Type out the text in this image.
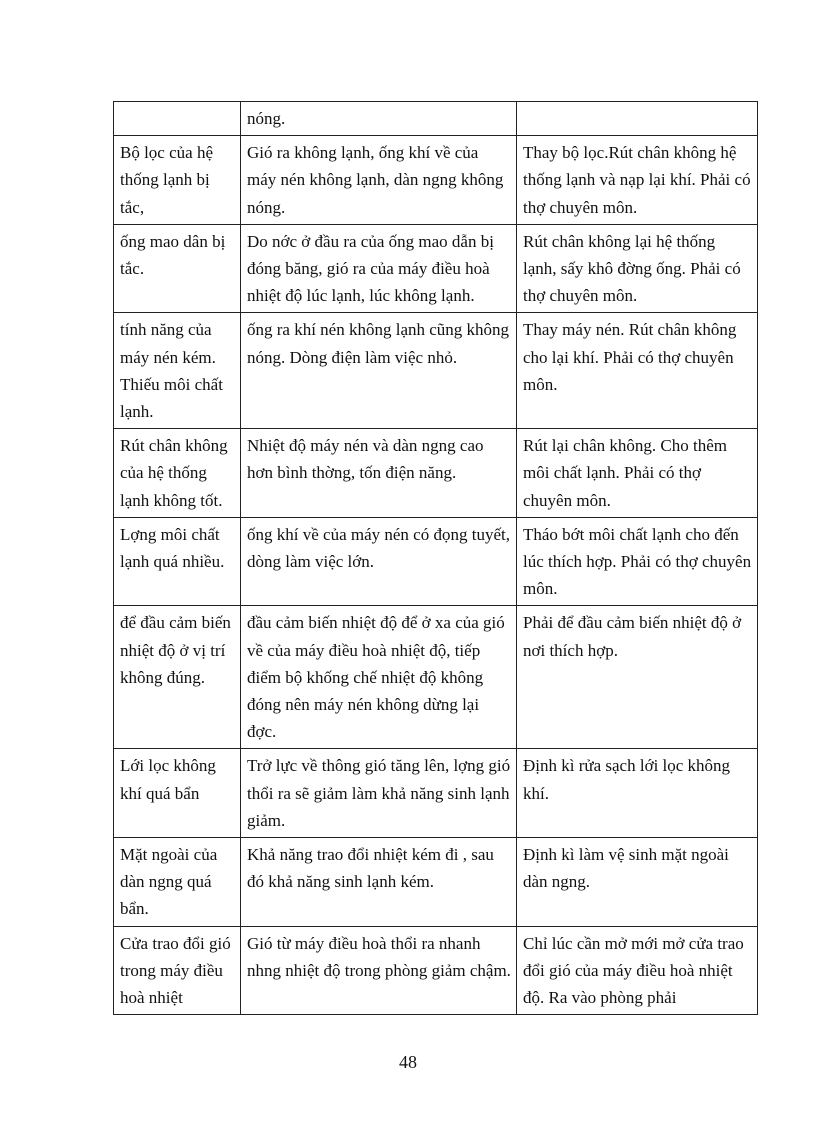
	nóng.	
Bộ lọc của hệ thống lạnh bị tắc,	Gió ra không lạnh, ống khí về của máy nén không lạnh, dàn ngng không nóng.	Thay bộ lọc.Rút chân không hệ thống lạnh và nạp lại khí. Phải có thợ chuyên môn.
ống mao dân bị tắc.	Do nớc ở đầu ra của ống mao dẫn bị đóng băng, gió ra của máy điều hoà nhiệt độ lúc lạnh, lúc không lạnh.	Rút chân không lại hệ thống lạnh, sấy khô đờng ống. Phải có thợ chuyên môn.
tính năng của máy nén kém. Thiếu môi chất lạnh.	ống ra khí nén không lạnh cũng không nóng. Dòng điện làm việc nhỏ.	Thay máy nén. Rút chân không cho lại khí. Phải có thợ chuyên môn.
Rút chân không của hệ thống lạnh không tốt.	Nhiệt độ máy nén và dàn ngng cao hơn bình thờng, tốn điện năng.	Rút lại chân không. Cho thêm môi chất lạnh. Phải có thợ chuyên môn.
Lợng môi chất lạnh quá nhiều.	ống khí về của máy nén có đọng tuyết, dòng làm việc lớn.	Tháo bớt môi chất lạnh cho đến lúc thích hợp. Phải có thợ chuyên môn.
để đầu cảm biến nhiệt độ ở vị trí không đúng.	đầu cảm biến nhiệt độ để ở xa của gió về của máy điều hoà nhiệt độ, tiếp điểm bộ khống chế nhiệt độ không đóng nên máy nén không dừng lại đợc.	Phải để đầu cảm biến nhiệt độ ở nơi thích hợp.
Lới lọc không khí quá bẩn	Trở lực về thông gió tăng lên, lợng gió thổi ra sẽ giảm làm khả năng sinh lạnh giảm.	Định kì rửa sạch lới lọc không khí.
Mặt ngoài của dàn ngng quá bẩn.	Khả năng trao đổi nhiệt kém đi , sau đó khả năng sinh lạnh kém.	Định kì làm vệ sinh mặt ngoài dàn ngng.
Cửa trao đổi gió trong máy điều hoà nhiệt	Gió từ máy điều hoà thổi ra nhanh nhng nhiệt độ trong phòng giảm chậm.	Chỉ lúc cần mở mới mở cửa trao đổi gió của máy điều hoà nhiệt độ. Ra vào phòng phải
48
